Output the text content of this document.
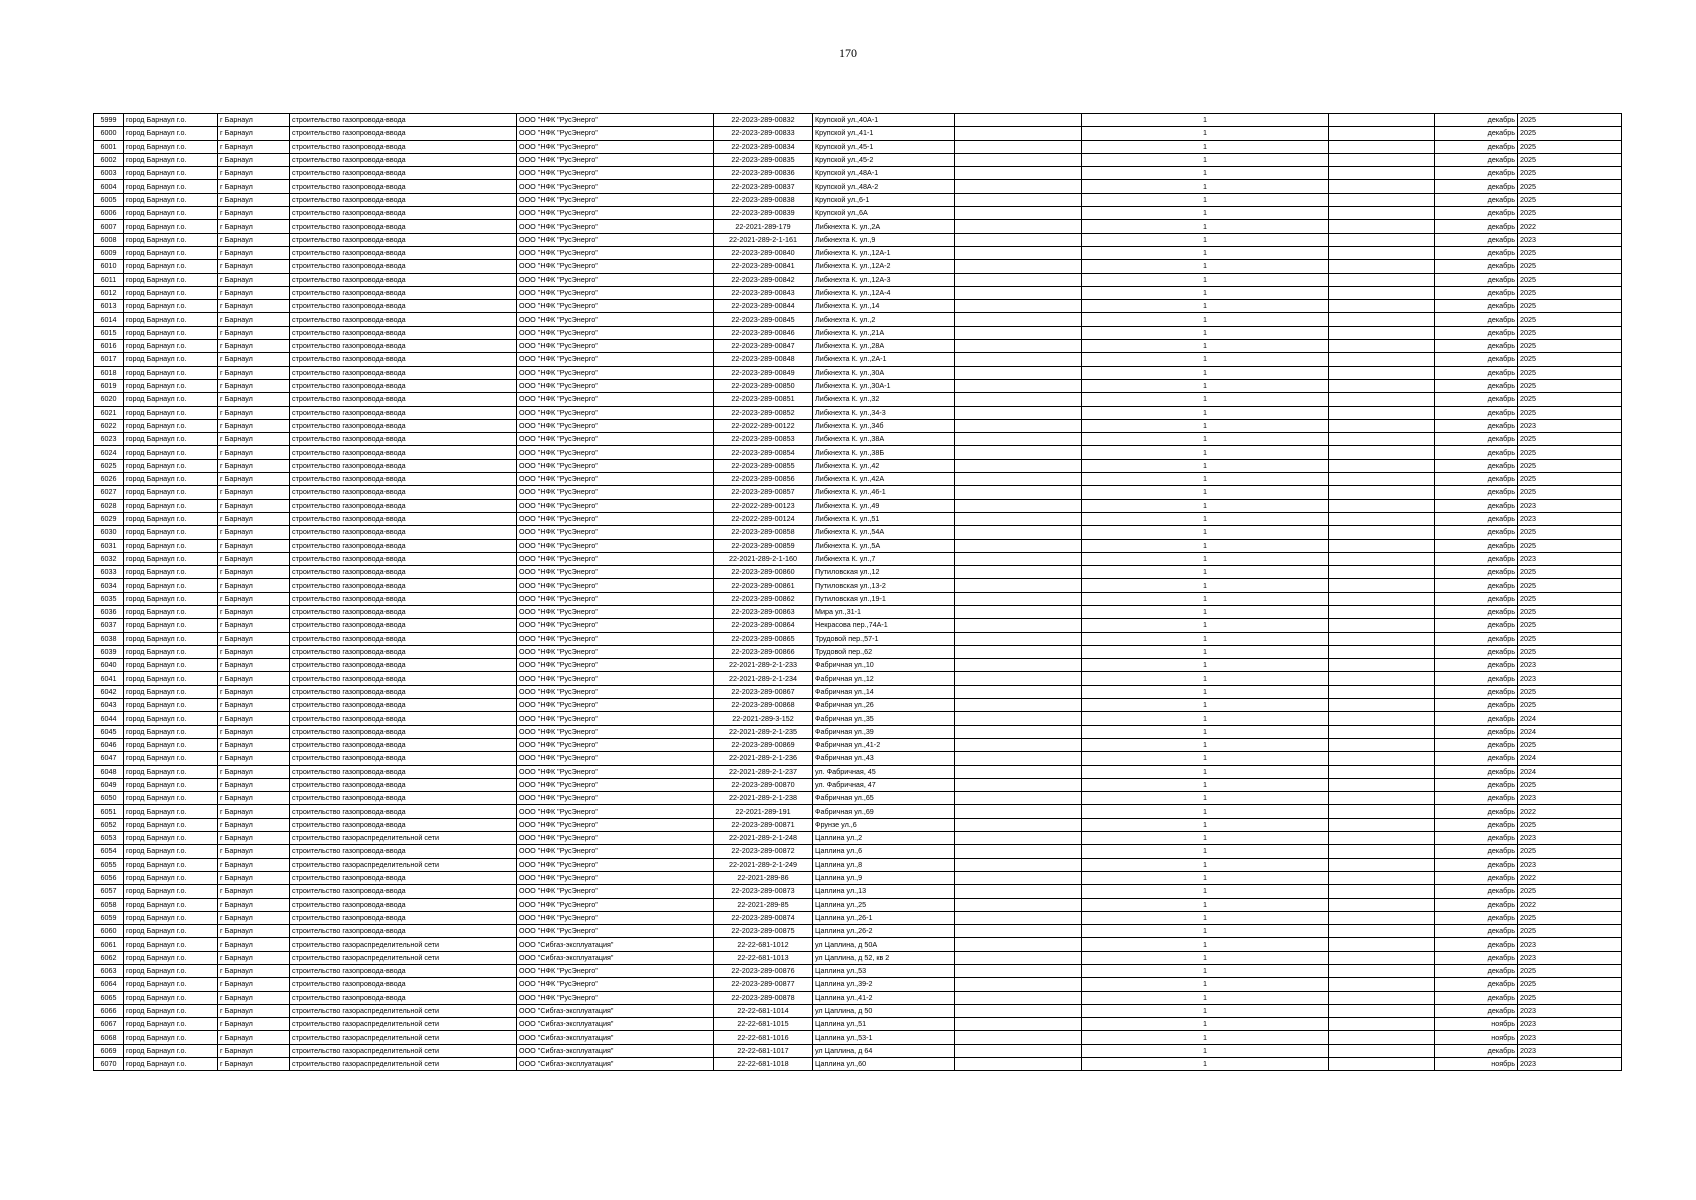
170
5999	город Барнаул г.о.	г Барнаул	строительство газопровода-ввода	ООО "НФК "РусЭнерго"	22-2023-289-00832	Крупской ул.,40А-1		1		декабрь	2025
6000	город Барнаул г.о.	г Барнаул	строительство газопровода-ввода	ООО "НФК "РусЭнерго"	22-2023-289-00833	Крупской ул.,41-1		1		декабрь	2025
6001	город Барнаул г.о.	г Барнаул	строительство газопровода-ввода	ООО "НФК "РусЭнерго"	22-2023-289-00834	Крупской ул.,45-1		1		декабрь	2025
6002	город Барнаул г.о.	г Барнаул	строительство газопровода-ввода	ООО "НФК "РусЭнерго"	22-2023-289-00835	Крупской ул.,45-2		1		декабрь	2025
6003	город Барнаул г.о.	г Барнаул	строительство газопровода-ввода	ООО "НФК "РусЭнерго"	22-2023-289-00836	Крупской ул.,48А-1		1		декабрь	2025
6004	город Барнаул г.о.	г Барнаул	строительство газопровода-ввода	ООО "НФК "РусЭнерго"	22-2023-289-00837	Крупской ул.,48А-2		1		декабрь	2025
6005	город Барнаул г.о.	г Барнаул	строительство газопровода-ввода	ООО "НФК "РусЭнерго"	22-2023-289-00838	Крупской ул.,6-1		1		декабрь	2025
6006	город Барнаул г.о.	г Барнаул	строительство газопровода-ввода	ООО "НФК "РусЭнерго"	22-2023-289-00839	Крупской ул.,6А		1		декабрь	2025
6007	город Барнаул г.о.	г Барнаул	строительство газопровода-ввода	ООО "НФК "РусЭнерго"	22-2021-289-179	Либкнехта К. ул.,2А		1		декабрь	2022
6008	город Барнаул г.о.	г Барнаул	строительство газопровода-ввода	ООО "НФК "РусЭнерго"	22-2021-289-2-1-161	Либкнехта К. ул.,9		1		декабрь	2023
6009	город Барнаул г.о.	г Барнаул	строительство газопровода-ввода	ООО "НФК "РусЭнерго"	22-2023-289-00840	Либкнехта К. ул.,12А-1		1		декабрь	2025
6010	город Барнаул г.о.	г Барнаул	строительство газопровода-ввода	ООО "НФК "РусЭнерго"	22-2023-289-00841	Либкнехта К. ул.,12А-2		1		декабрь	2025
6011	город Барнаул г.о.	г Барнаул	строительство газопровода-ввода	ООО "НФК "РусЭнерго"	22-2023-289-00842	Либкнехта К. ул.,12А-3		1		декабрь	2025
6012	город Барнаул г.о.	г Барнаул	строительство газопровода-ввода	ООО "НФК "РусЭнерго"	22-2023-289-00843	Либкнехта К. ул.,12А-4		1		декабрь	2025
6013	город Барнаул г.о.	г Барнаул	строительство газопровода-ввода	ООО "НФК "РусЭнерго"	22-2023-289-00844	Либкнехта К. ул.,14		1		декабрь	2025
6014	город Барнаул г.о.	г Барнаул	строительство газопровода-ввода	ООО "НФК "РусЭнерго"	22-2023-289-00845	Либкнехта К. ул.,2		1		декабрь	2025
6015	город Барнаул г.о.	г Барнаул	строительство газопровода-ввода	ООО "НФК "РусЭнерго"	22-2023-289-00846	Либкнехта К. ул.,21А		1		декабрь	2025
6016	город Барнаул г.о.	г Барнаул	строительство газопровода-ввода	ООО "НФК "РусЭнерго"	22-2023-289-00847	Либкнехта К. ул.,28А		1		декабрь	2025
6017	город Барнаул г.о.	г Барнаул	строительство газопровода-ввода	ООО "НФК "РусЭнерго"	22-2023-289-00848	Либкнехта К. ул.,2А-1		1		декабрь	2025
6018	город Барнаул г.о.	г Барнаул	строительство газопровода-ввода	ООО "НФК "РусЭнерго"	22-2023-289-00849	Либкнехта К. ул.,30А		1		декабрь	2025
6019	город Барнаул г.о.	г Барнаул	строительство газопровода-ввода	ООО "НФК "РусЭнерго"	22-2023-289-00850	Либкнехта К. ул.,30А-1		1		декабрь	2025
6020	город Барнаул г.о.	г Барнаул	строительство газопровода-ввода	ООО "НФК "РусЭнерго"	22-2023-289-00851	Либкнехта К. ул.,32		1		декабрь	2025
6021	город Барнаул г.о.	г Барнаул	строительство газопровода-ввода	ООО "НФК "РусЭнерго"	22-2023-289-00852	Либкнехта К. ул.,34-3		1		декабрь	2025
6022	город Барнаул г.о.	г Барнаул	строительство газопровода-ввода	ООО "НФК "РусЭнерго"	22-2022-289-00122	Либкнехта К. ул.,34б		1		декабрь	2023
6023	город Барнаул г.о.	г Барнаул	строительство газопровода-ввода	ООО "НФК "РусЭнерго"	22-2023-289-00853	Либкнехта К. ул.,38А		1		декабрь	2025
6024	город Барнаул г.о.	г Барнаул	строительство газопровода-ввода	ООО "НФК "РусЭнерго"	22-2023-289-00854	Либкнехта К. ул.,38Б		1		декабрь	2025
6025	город Барнаул г.о.	г Барнаул	строительство газопровода-ввода	ООО "НФК "РусЭнерго"	22-2023-289-00855	Либкнехта К. ул.,42		1		декабрь	2025
6026	город Барнаул г.о.	г Барнаул	строительство газопровода-ввода	ООО "НФК "РусЭнерго"	22-2023-289-00856	Либкнехта К. ул.,42А		1		декабрь	2025
6027	город Барнаул г.о.	г Барнаул	строительство газопровода-ввода	ООО "НФК "РусЭнерго"	22-2023-289-00857	Либкнехта К. ул.,46-1		1		декабрь	2025
6028	город Барнаул г.о.	г Барнаул	строительство газопровода-ввода	ООО "НФК "РусЭнерго"	22-2022-289-00123	Либкнехта К. ул.,49		1		декабрь	2023
6029	город Барнаул г.о.	г Барнаул	строительство газопровода-ввода	ООО "НФК "РусЭнерго"	22-2022-289-00124	Либкнехта К. ул.,51		1		декабрь	2023
6030	город Барнаул г.о.	г Барнаул	строительство газопровода-ввода	ООО "НФК "РусЭнерго"	22-2023-289-00858	Либкнехта К. ул.,54А		1		декабрь	2025
6031	город Барнаул г.о.	г Барнаул	строительство газопровода-ввода	ООО "НФК "РусЭнерго"	22-2023-289-00859	Либкнехта К. ул.,5А		1		декабрь	2025
6032	город Барнаул г.о.	г Барнаул	строительство газопровода-ввода	ООО "НФК "РусЭнерго"	22-2021-289-2-1-160	Либкнехта К. ул.,7		1		декабрь	2023
6033	город Барнаул г.о.	г Барнаул	строительство газопровода-ввода	ООО "НФК "РусЭнерго"	22-2023-289-00860	Путиловская ул.,12		1		декабрь	2025
6034	город Барнаул г.о.	г Барнаул	строительство газопровода-ввода	ООО "НФК "РусЭнерго"	22-2023-289-00861	Путиловская ул.,13-2		1		декабрь	2025
6035	город Барнаул г.о.	г Барнаул	строительство газопровода-ввода	ООО "НФК "РусЭнерго"	22-2023-289-00862	Путиловская ул.,19-1		1		декабрь	2025
6036	город Барнаул г.о.	г Барнаул	строительство газопровода-ввода	ООО "НФК "РусЭнерго"	22-2023-289-00863	Мира ул.,31-1		1		декабрь	2025
6037	город Барнаул г.о.	г Барнаул	строительство газопровода-ввода	ООО "НФК "РусЭнерго"	22-2023-289-00864	Некрасова пер.,74А-1		1		декабрь	2025
6038	город Барнаул г.о.	г Барнаул	строительство газопровода-ввода	ООО "НФК "РусЭнерго"	22-2023-289-00865	Трудовой пер.,57-1		1		декабрь	2025
6039	город Барнаул г.о.	г Барнаул	строительство газопровода-ввода	ООО "НФК "РусЭнерго"	22-2023-289-00866	Трудовой пер.,62		1		декабрь	2025
6040	город Барнаул г.о.	г Барнаул	строительство газопровода-ввода	ООО "НФК "РусЭнерго"	22-2021-289-2-1-233	Фабричная ул.,10		1		декабрь	2023
6041	город Барнаул г.о.	г Барнаул	строительство газопровода-ввода	ООО "НФК "РусЭнерго"	22-2021-289-2-1-234	Фабричная ул.,12		1		декабрь	2023
6042	город Барнаул г.о.	г Барнаул	строительство газопровода-ввода	ООО "НФК "РусЭнерго"	22-2023-289-00867	Фабричная ул.,14		1		декабрь	2025
6043	город Барнаул г.о.	г Барнаул	строительство газопровода-ввода	ООО "НФК "РусЭнерго"	22-2023-289-00868	Фабричная ул.,26		1		декабрь	2025
6044	город Барнаул г.о.	г Барнаул	строительство газопровода-ввода	ООО "НФК "РусЭнерго"	22-2021-289-3-152	Фабричная ул.,35		1		декабрь	2024
6045	город Барнаул г.о.	г Барнаул	строительство газопровода-ввода	ООО "НФК "РусЭнерго"	22-2021-289-2-1-235	Фабричная ул.,39		1		декабрь	2024
6046	город Барнаул г.о.	г Барнаул	строительство газопровода-ввода	ООО "НФК "РусЭнерго"	22-2023-289-00869	Фабричная ул.,41-2		1		декабрь	2025
6047	город Барнаул г.о.	г Барнаул	строительство газопровода-ввода	ООО "НФК "РусЭнерго"	22-2021-289-2-1-236	Фабричная ул.,43		1		декабрь	2024
6048	город Барнаул г.о.	г Барнаул	строительство газопровода-ввода	ООО "НФК "РусЭнерго"	22-2021-289-2-1-237	ул. Фабричная, 45		1		декабрь	2024
6049	город Барнаул г.о.	г Барнаул	строительство газопровода-ввода	ООО "НФК "РусЭнерго"	22-2023-289-00870	ул. Фабричная, 47		1		декабрь	2025
6050	город Барнаул г.о.	г Барнаул	строительство газопровода-ввода	ООО "НФК "РусЭнерго"	22-2021-289-2-1-238	Фабричная ул.,65		1		декабрь	2023
6051	город Барнаул г.о.	г Барнаул	строительство газопровода-ввода	ООО "НФК "РусЭнерго"	22-2021-289-191	Фабричная ул.,69		1		декабрь	2022
6052	город Барнаул г.о.	г Барнаул	строительство газопровода-ввода	ООО "НФК "РусЭнерго"	22-2023-289-00871	Фрунзе ул.,6		1		декабрь	2025
6053	город Барнаул г.о.	г Барнаул	строительство газораспределительной сети	ООО "НФК "РусЭнерго"	22-2021-289-2-1-248	Цаплина ул.,2		1		декабрь	2023
6054	город Барнаул г.о.	г Барнаул	строительство газопровода-ввода	ООО "НФК "РусЭнерго"	22-2023-289-00872	Цаплина ул.,6		1		декабрь	2025
6055	город Барнаул г.о.	г Барнаул	строительство газораспределительной сети	ООО "НФК "РусЭнерго"	22-2021-289-2-1-249	Цаплина ул.,8		1		декабрь	2023
6056	город Барнаул г.о.	г Барнаул	строительство газопровода-ввода	ООО "НФК "РусЭнерго"	22-2021-289-86	Цаплина ул.,9		1		декабрь	2022
6057	город Барнаул г.о.	г Барнаул	строительство газопровода-ввода	ООО "НФК "РусЭнерго"	22-2023-289-00873	Цаплина ул.,13		1		декабрь	2025
6058	город Барнаул г.о.	г Барнаул	строительство газопровода-ввода	ООО "НФК "РусЭнерго"	22-2021-289-85	Цаплина ул.,25		1		декабрь	2022
6059	город Барнаул г.о.	г Барнаул	строительство газопровода-ввода	ООО "НФК "РусЭнерго"	22-2023-289-00874	Цаплина ул.,26-1		1		декабрь	2025
6060	город Барнаул г.о.	г Барнаул	строительство газопровода-ввода	ООО "НФК "РусЭнерго"	22-2023-289-00875	Цаплина ул.,26-2		1		декабрь	2025
6061	город Барнаул г.о.	г Барнаул	строительство газораспределительной сети	ООО "Сибгаз-эксплуатация"	22-22-681-1012	ул Цаплина, д 50А		1		декабрь	2023
6062	город Барнаул г.о.	г Барнаул	строительство газораспределительной сети	ООО "Сибгаз-эксплуатация"	22-22-681-1013	ул Цаплина, д 52, кв 2		1		декабрь	2023
6063	город Барнаул г.о.	г Барнаул	строительство газопровода-ввода	ООО "НФК "РусЭнерго"	22-2023-289-00876	Цаплина ул.,53		1		декабрь	2025
6064	город Барнаул г.о.	г Барнаул	строительство газопровода-ввода	ООО "НФК "РусЭнерго"	22-2023-289-00877	Цаплина ул.,39-2		1		декабрь	2025
6065	город Барнаул г.о.	г Барнаул	строительство газопровода-ввода	ООО "НФК "РусЭнерго"	22-2023-289-00878	Цаплина ул.,41-2		1		декабрь	2025
6066	город Барнаул г.о.	г Барнаул	строительство газораспределительной сети	ООО "Сибгаз-эксплуатация"	22-22-681-1014	ул Цаплина, д 50		1		декабрь	2023
6067	город Барнаул г.о.	г Барнаул	строительство газораспределительной сети	ООО "Сибгаз-эксплуатация"	22-22-681-1015	Цаплина ул.,51		1		ноябрь	2023
6068	город Барнаул г.о.	г Барнаул	строительство газораспределительной сети	ООО "Сибгаз-эксплуатация"	22-22-681-1016	Цаплина ул.,53-1		1		ноябрь	2023
6069	город Барнаул г.о.	г Барнаул	строительство газораспределительной сети	ООО "Сибгаз-эксплуатация"	22-22-681-1017	ул Цаплина, д 64		1		декабрь	2023
6070	город Барнаул г.о.	г Барнаул	строительство газораспределительной сети	ООО "Сибгаз-эксплуатация"	22-22-681-1018	Цаплина ул.,60		1		ноябрь	2023
